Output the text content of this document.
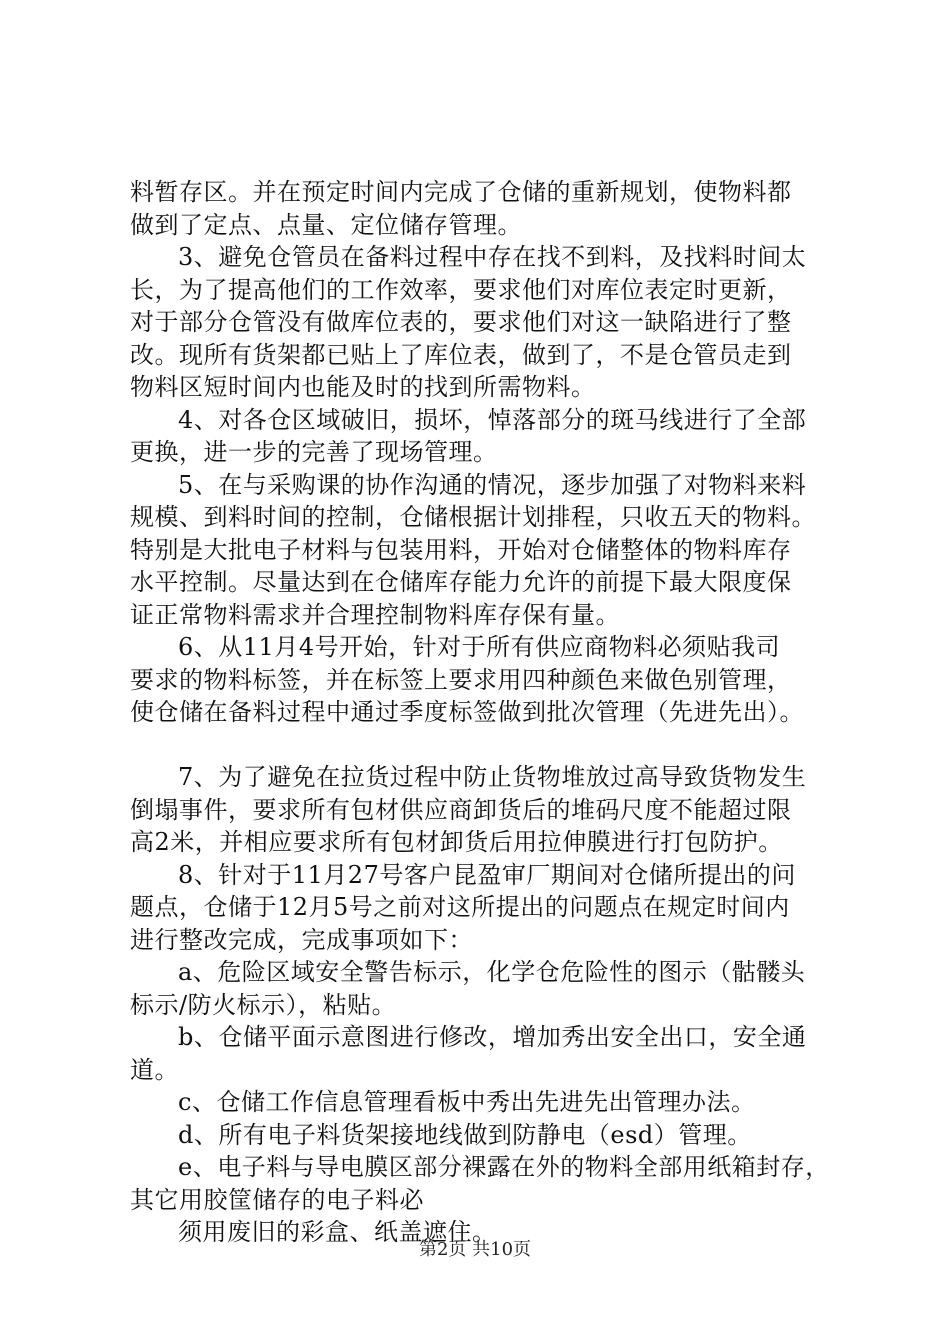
料暂存区。并在预定时间内完成了仓储的重新规划，使物料都
做到了定点、点量、定位储存管理。
3、避免仓管员在备料过程中存在找不到料，及找料时间太
长，为了提高他们的工作效率，要求他们对库位表定时更新，
对于部分仓管没有做库位表的，要求他们对这一缺陷进行了整
改。现所有货架都已贴上了库位表，做到了，不是仓管员走到
物料区短时间内也能及时的找到所需物料。
4、对各仓区域破旧，损坏，悼落部分的斑马线进行了全部
更换，进一步的完善了现场管理。
5、在与采购课的协作沟通的情况，逐步加强了对物料来料
规模、到料时间的控制，仓储根据计划排程，只收五天的物料。
特别是大批电子材料与包装用料，开始对仓储整体的物料库存
水平控制。尽量达到在仓储库存能力允许的前提下最大限度保
证正常物料需求并合理控制物料库存保有量。
6、从11月4号开始，针对于所有供应商物料必须贴我司
要求的物料标签，并在标签上要求用四种颜色来做色别管理，
使仓储在备料过程中通过季度标签做到批次管理（先进先出）。
7、为了避免在拉货过程中防止货物堆放过高导致货物发生
倒塌事件，要求所有包材供应商卸货后的堆码尺度不能超过限
高2米，并相应要求所有包材卸货后用拉伸膜进行打包防护。
8、针对于11月27号客户昆盈审厂期间对仓储所提出的问
题点，仓储于12月5号之前对这所提出的问题点在规定时间内
进行整改完成，完成事项如下：
a、危险区域安全警告标示，化学仓危险性的图示（骷髅头
标示/防火标示），粘贴。
b、仓储平面示意图进行修改，增加秀出安全出口，安全通
道。
c、仓储工作信息管理看板中秀出先进先出管理办法。
d、所有电子料货架接地线做到防静电（esd）管理。
e、电子料与导电膜区部分裸露在外的物料全部用纸箱封存，
其它用胶筐储存的电子料必
须用废旧的彩盒、纸盖遮住。
第2页 共10页
